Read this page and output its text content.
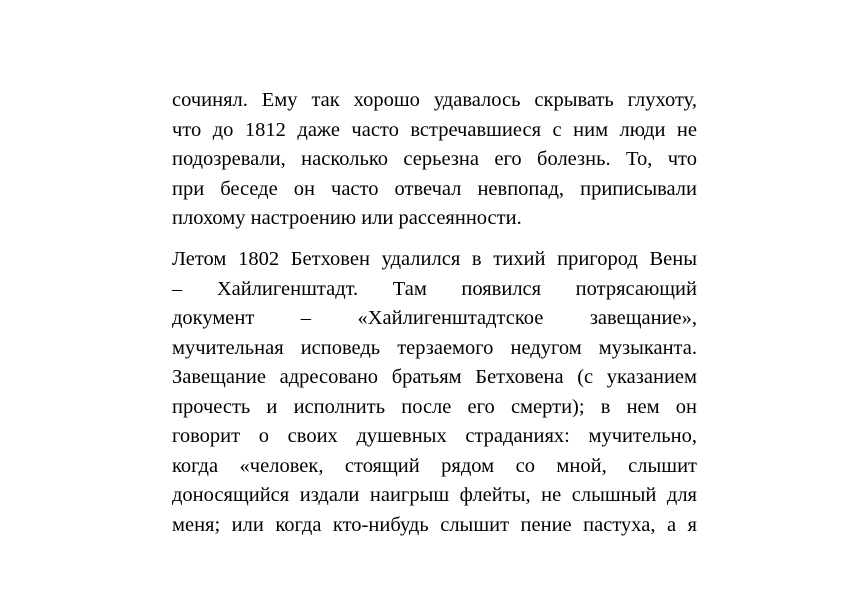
сочинял. Ему так хорошо удавалось скрывать глухоту,
что до 1812 даже часто встречавшиеся с ним люди не
подозревали, насколько серьезна его болезнь. То, что
при беседе он часто отвечал невпопад, приписывали
плохому настроению или рассеянности.
Летом 1802 Бетховен удалился в тихий пригород Вены
– Хайлигенштадт. Там появился потрясающий
документ – «Хайлигенштадтское завещание»,
мучительная исповедь терзаемого недугом музыканта.
Завещание адресовано братьям Бетховена (с указанием
прочесть и исполнить после его смерти); в нем он
говорит о своих душевных страданиях: мучительно,
когда «человек, стоящий рядом со мной, слышит
доносящийся издали наигрыш флейты, не слышный для
меня; или когда кто-нибудь слышит пение пастуха, а я
